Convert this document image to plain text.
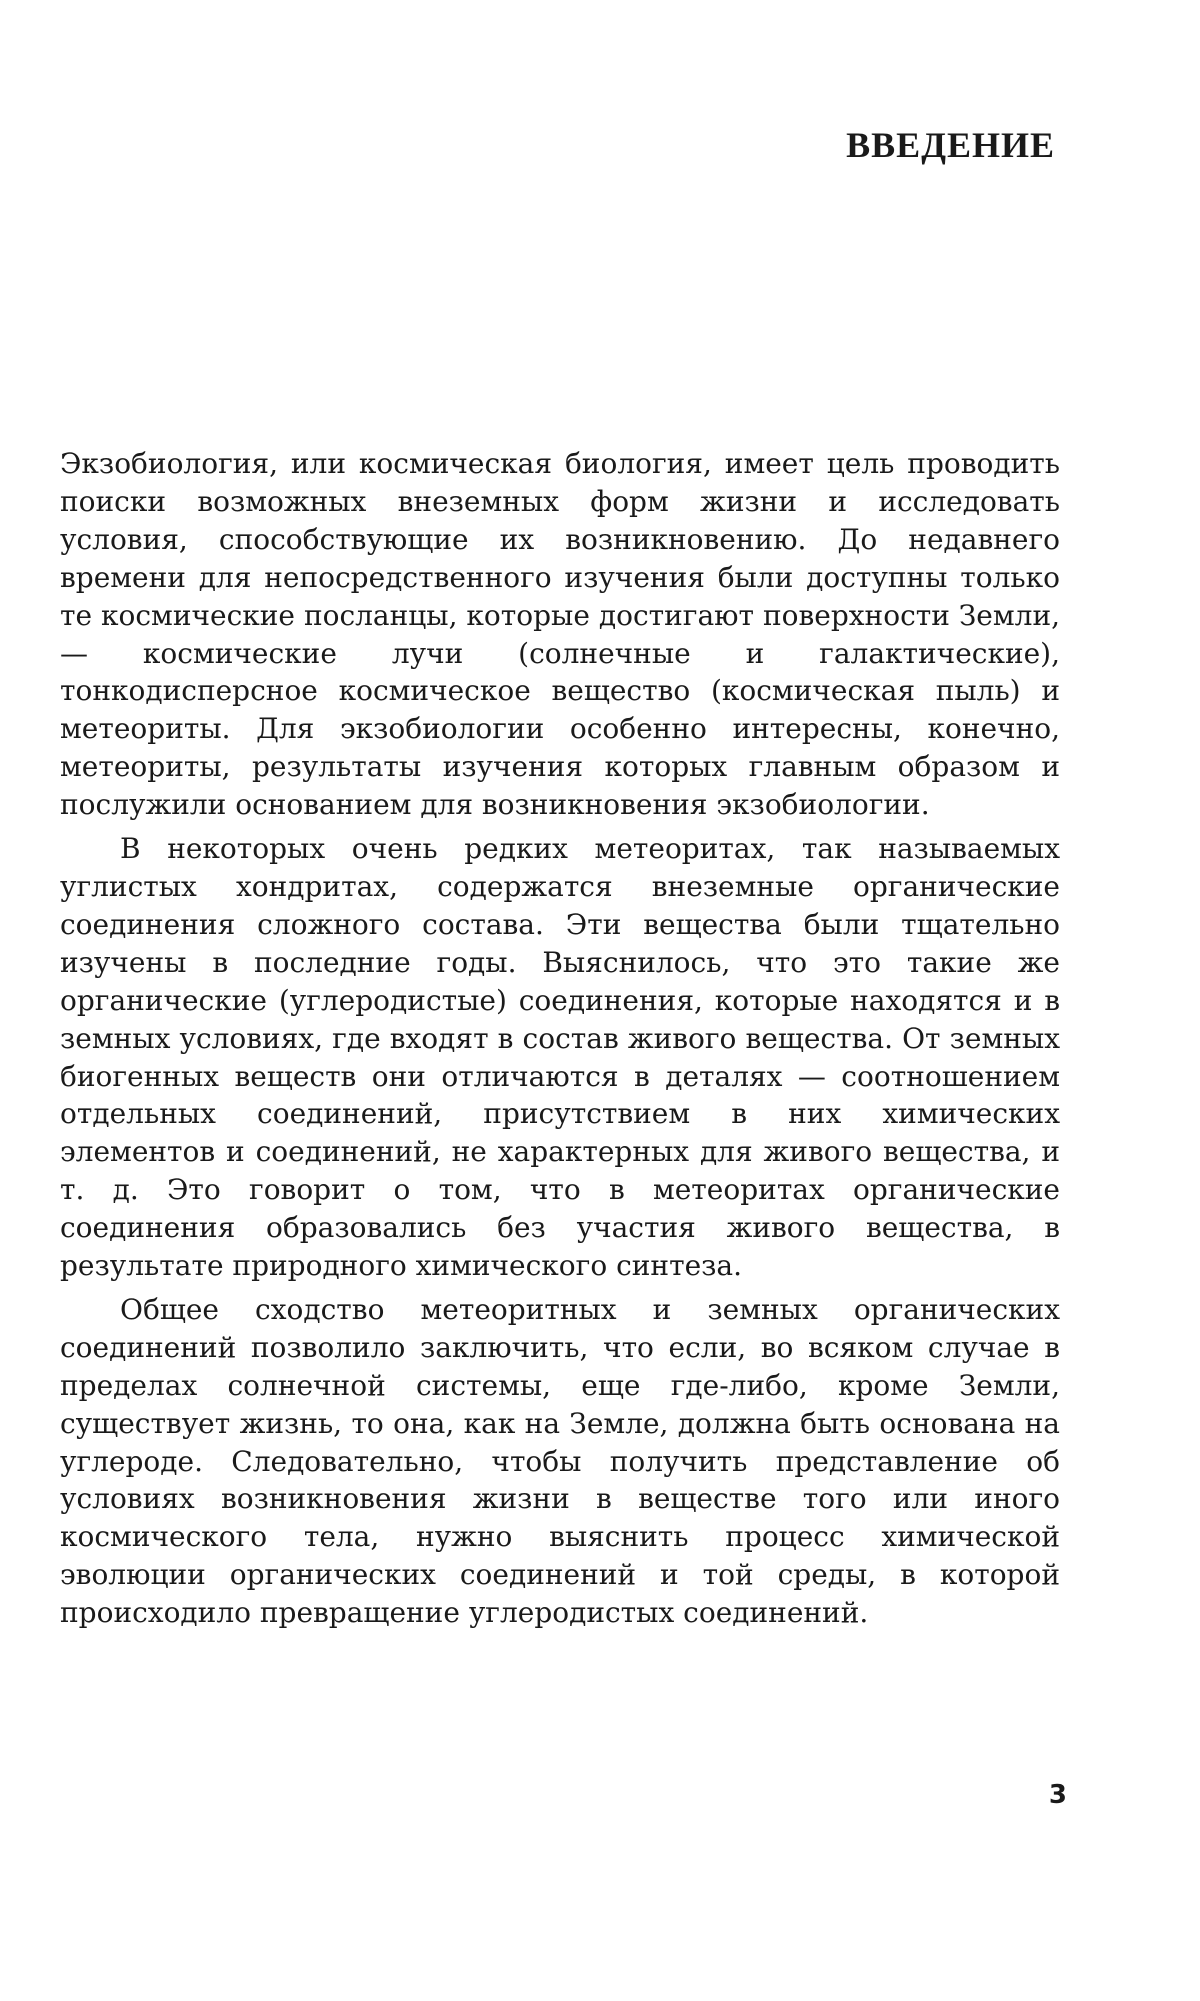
ВВЕДЕНИЕ

Экзобиология, или космическая биология, имеет цель проводить поиски возможных внеземных форм жизни и исследовать условия, способствующие их возникновению. До недавнего времени для непосредственного изучения были доступны только те космические посланцы, которые достигают поверхности Земли,— космические лучи (солнечные и галактические), тонкодисперсное космическое вещество (космическая пыль) и метеориты. Для экзобиологии особенно интересны, конечно, метеориты, результаты изучения которых главным образом и послужили основанием для возникновения экзобиологии.

В некоторых очень редких метеоритах, так называемых углистых хондритах, содержатся внеземные органические соединения сложного состава. Эти вещества были тщательно изучены в последние годы. Выяснилось, что это такие же органические (углеродистые) соединения, которые находятся и в земных условиях, где входят в состав живого вещества. От земных биогенных веществ они отличаются в деталях — соотношением отдельных соединений, присутствием в них химических элементов и соединений, не характерных для живого вещества, и т. д. Это говорит о том, что в метеоритах органические соединения образовались без участия живого вещества, в результате природного химического синтеза.

Общее сходство метеоритных и земных органических соединений позволило заключить, что если, во всяком случае в пределах солнечной системы, еще где-либо, кроме Земли, существует жизнь, то она, как на Земле, должна быть основана на углероде. Следовательно, чтобы получить представление об условиях возникновения жизни в веществе того или иного космического тела, нужно выяснить процесс химической эволюции органических соединений и той среды, в которой происходило превращение углеродистых соединений.

3
